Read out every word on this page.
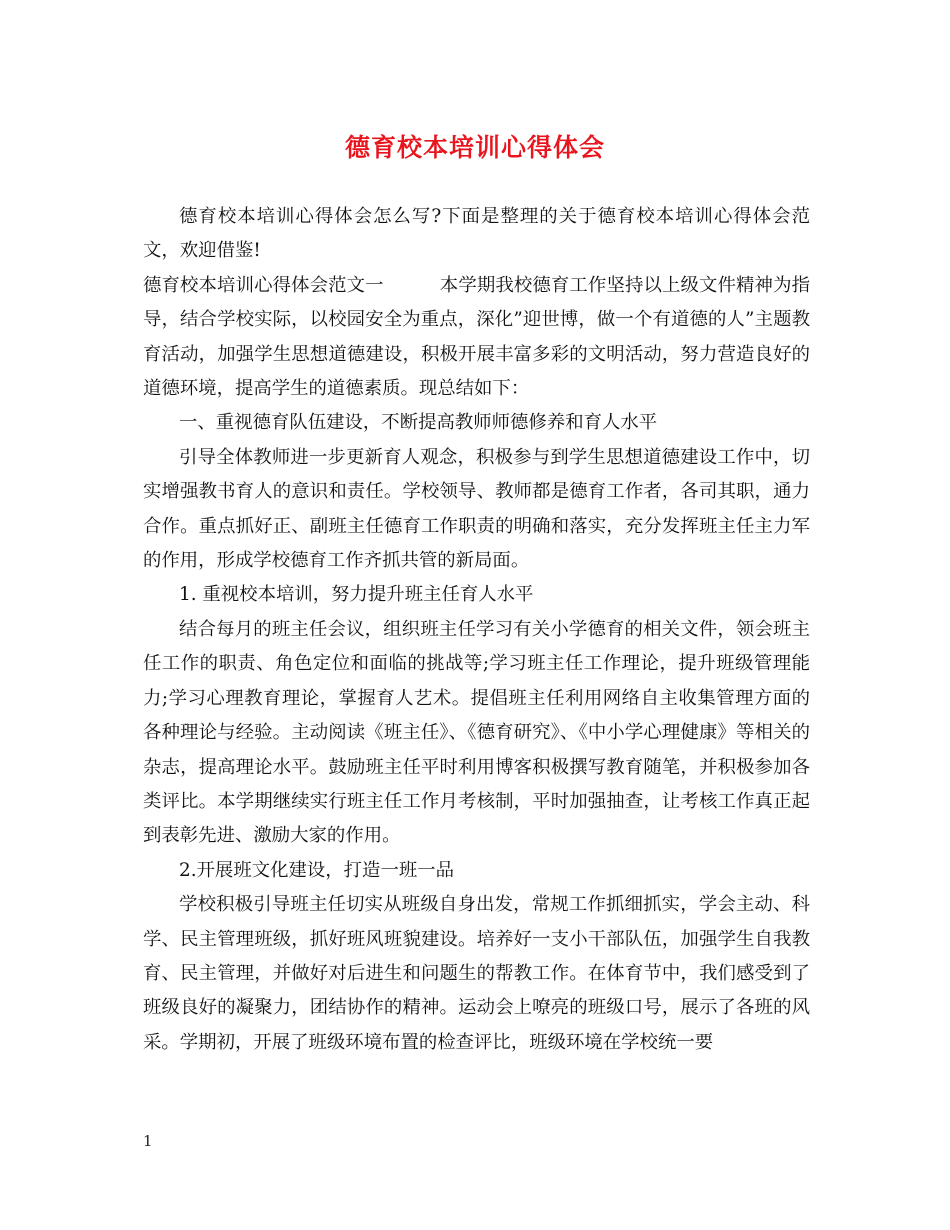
德育校本培训心得体会

德育校本培训心得体会怎么写?下面是整理的关于德育校本培训心得体会范文，欢迎借鉴!

德育校本培训心得体会范文一	本学期我校德育工作坚持以上级文件精神为指导，结合学校实际，以校园安全为重点，深化”迎世博，做一个有道德的人”主题教育活动，加强学生思想道德建设，积极开展丰富多彩的文明活动，努力营造良好的道德环境，提高学生的道德素质。现总结如下：

一、重视德育队伍建设，不断提高教师师德修养和育人水平

引导全体教师进一步更新育人观念，积极参与到学生思想道德建设工作中，切实增强教书育人的意识和责任。学校领导、教师都是德育工作者，各司其职，通力合作。重点抓好正、副班主任德育工作职责的明确和落实，充分发挥班主任主力军的作用，形成学校德育工作齐抓共管的新局面。

1. 重视校本培训，努力提升班主任育人水平

结合每月的班主任会议，组织班主任学习有关小学德育的相关文件，领会班主任工作的职责、角色定位和面临的挑战等;学习班主任工作理论，提升班级管理能力;学习心理教育理论，掌握育人艺术。提倡班主任利用网络自主收集管理方面的各种理论与经验。主动阅读《班主任》、《德育研究》、《中小学心理健康》等相关的杂志，提高理论水平。鼓励班主任平时利用博客积极撰写教育随笔，并积极参加各类评比。本学期继续实行班主任工作月考核制，平时加强抽查，让考核工作真正起到表彰先进、激励大家的作用。

2.开展班文化建设，打造一班一品

学校积极引导班主任切实从班级自身出发，常规工作抓细抓实，学会主动、科学、民主管理班级，抓好班风班貌建设。培养好一支小干部队伍，加强学生自我教育、民主管理，并做好对后进生和问题生的帮教工作。在体育节中，我们感受到了班级良好的凝聚力，团结协作的精神。运动会上嘹亮的班级口号，展示了各班的风采。学期初，开展了班级环境布置的检查评比，班级环境在学校统一要

1
